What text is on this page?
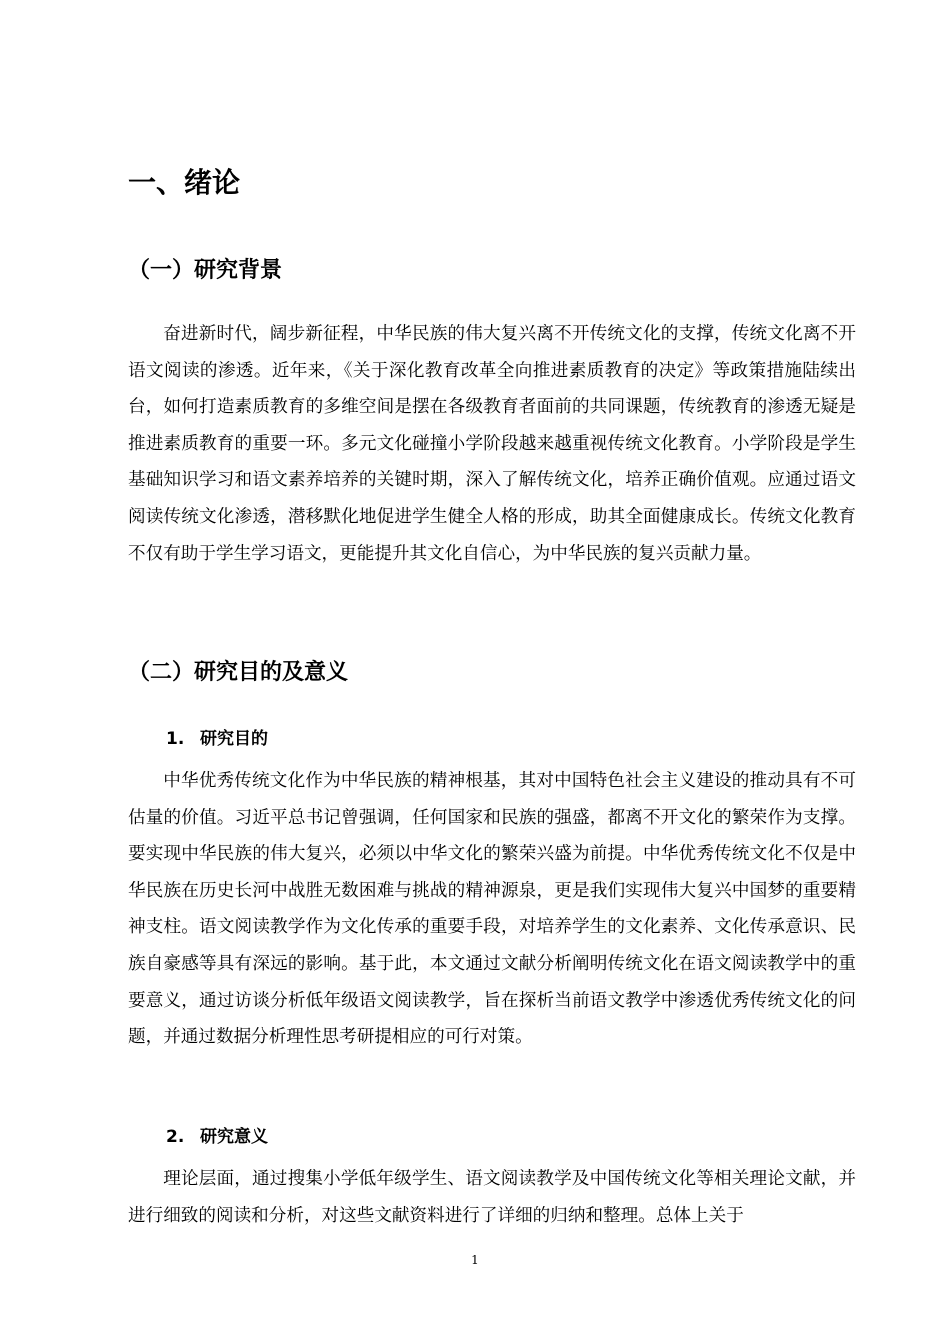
一、绪论
（一）研究背景

奋进新时代，阔步新征程，中华民族的伟大复兴离不开传统文化的支撑，传统文化离不开语文阅读的渗透。近年来，《关于深化教育改革全向推进素质教育的决定》等政策措施陆续出台，如何打造素质教育的多维空间是摆在各级教育者面前的共同课题，传统教育的渗透无疑是推进素质教育的重要一环。多元文化碰撞小学阶段越来越重视传统文化教育。小学阶段是学生基础知识学习和语文素养培养的关键时期，深入了解传统文化，培养正确价值观。应通过语文阅读传统文化渗透，潜移默化地促进学生健全人格的形成，助其全面健康成长。传统文化教育不仅有助于学生学习语文，更能提升其文化自信心，为中华民族的复兴贡献力量。

（二）研究目的及意义
1. 研究目的

中华优秀传统文化作为中华民族的精神根基，其对中国特色社会主义建设的推动具有不可估量的价值。习近平总书记曾强调，任何国家和民族的强盛，都离不开文化的繁荣作为支撑。要实现中华民族的伟大复兴，必须以中华文化的繁荣兴盛为前提。中华优秀传统文化不仅是中华民族在历史长河中战胜无数困难与挑战的精神源泉，更是我们实现伟大复兴中国梦的重要精神支柱。语文阅读教学作为文化传承的重要手段，对培养学生的文化素养、文化传承意识、民族自豪感等具有深远的影响。基于此，本文通过文献分析阐明传统文化在语文阅读教学中的重要意义，通过访谈分析低年级语文阅读教学，旨在探析当前语文教学中渗透优秀传统文化的问题，并通过数据分析理性思考研提相应的可行对策。

2. 研究意义

理论层面，通过搜集小学低年级学生、语文阅读教学及中国传统文化等相关理论文献，并进行细致的阅读和分析，对这些文献资料进行了详细的归纳和整理。总体上关于

1
